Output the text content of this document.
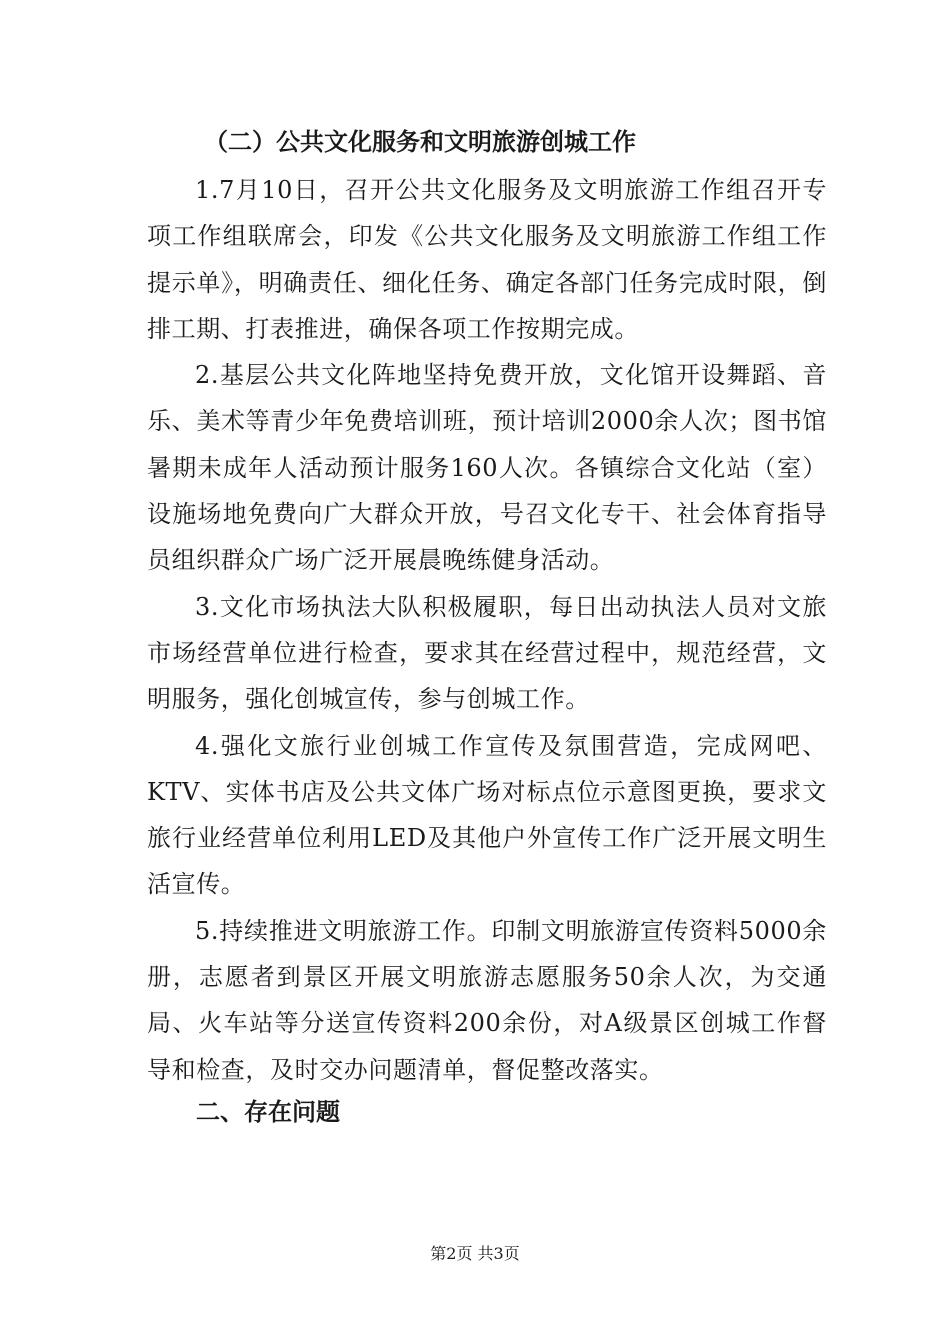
（二）公共文化服务和文明旅游创城工作

1.7月10日，召开公共文化服务及文明旅游工作组召开专项工作组联席会，印发《公共文化服务及文明旅游工作组工作提示单》，明确责任、细化任务、确定各部门任务完成时限，倒排工期、打表推进，确保各项工作按期完成。

2.基层公共文化阵地坚持免费开放，文化馆开设舞蹈、音乐、美术等青少年免费培训班，预计培训2000余人次；图书馆暑期未成年人活动预计服务160人次。各镇综合文化站（室）设施场地免费向广大群众开放，号召文化专干、社会体育指导员组织群众广场广泛开展晨晚练健身活动。

3.文化市场执法大队积极履职，每日出动执法人员对文旅市场经营单位进行检查，要求其在经营过程中，规范经营，文明服务，强化创城宣传，参与创城工作。

4.强化文旅行业创城工作宣传及氛围营造，完成网吧、KTV、实体书店及公共文体广场对标点位示意图更换，要求文旅行业经营单位利用LED及其他户外宣传工作广泛开展文明生活宣传。

5.持续推进文明旅游工作。印制文明旅游宣传资料5000余册，志愿者到景区开展文明旅游志愿服务50余人次，为交通局、火车站等分送宣传资料200余份，对A级景区创城工作督导和检查，及时交办问题清单，督促整改落实。

二、存在问题
第2页 共3页
